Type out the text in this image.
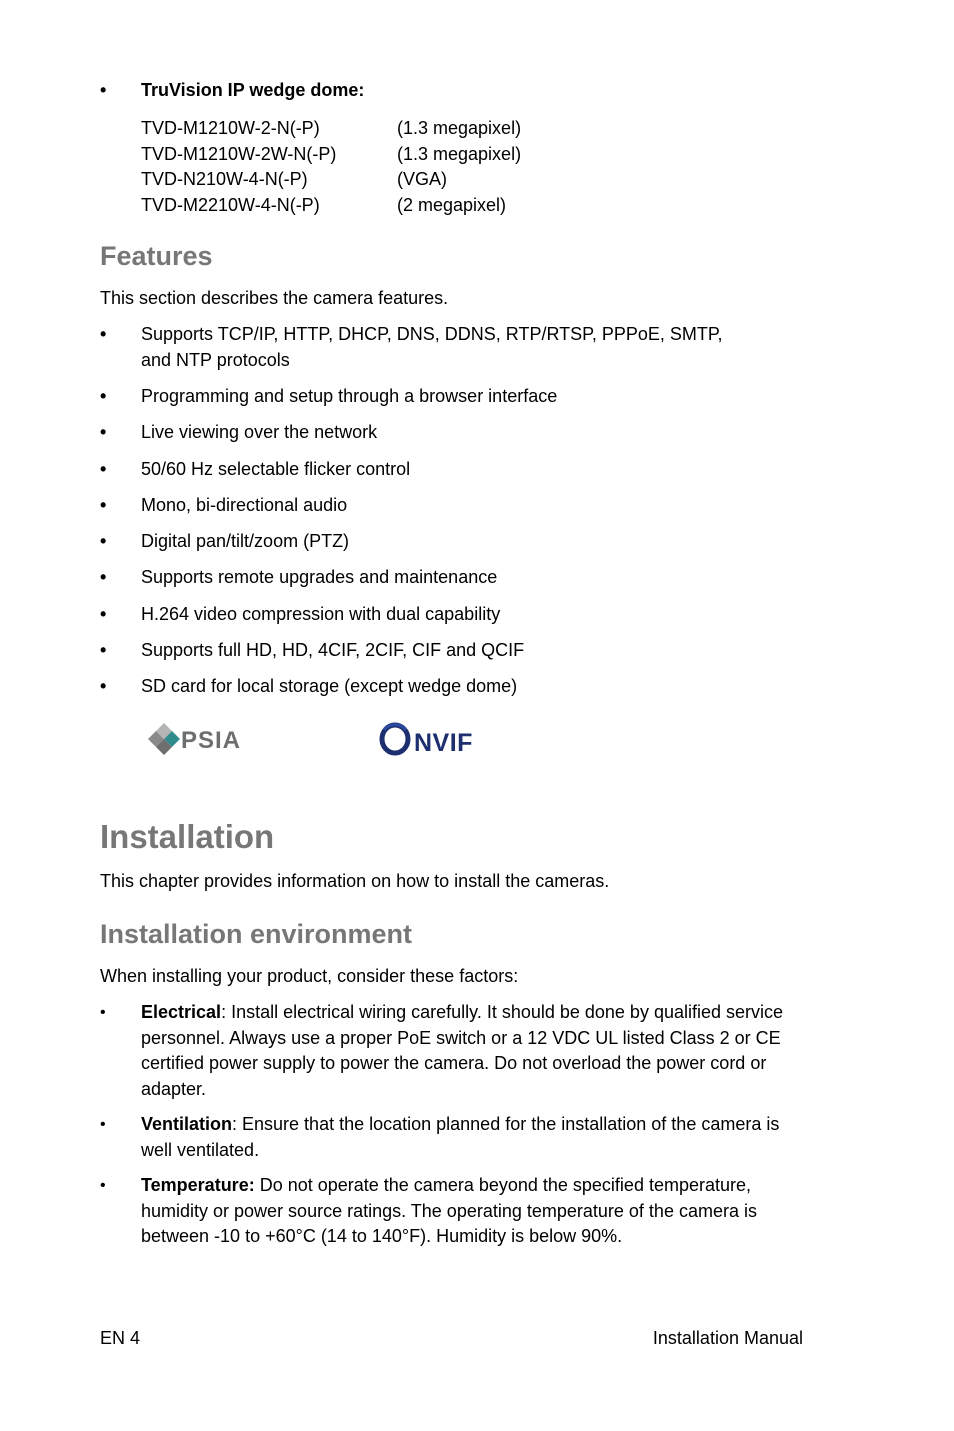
•	TruVision IP wedge dome:
TVD-M1210W-2-N(-P)	(1.3 megapixel)
TVD-M1210W-2W-N(-P)	(1.3 megapixel)
TVD-N210W-4-N(-P)	(VGA)
TVD-M2210W-4-N(-P)	(2 megapixel)
Features

This section describes the camera features.

•	Supports TCP/IP, HTTP, DHCP, DNS, DDNS, RTP/RTSP, PPPoE, SMTP,
and NTP protocols
•	Programming and setup through a browser interface
•	Live viewing over the network
•	50/60 Hz selectable flicker control
•	Mono, bi-directional audio
•	Digital pan/tilt/zoom (PTZ)
•	Supports remote upgrades and maintenance
•	H.264 video compression with dual capability
•	Supports full HD, HD, 4CIF, 2CIF, CIF and QCIF
•	SD card for local storage (except wedge dome)
PSIA	NVIF
Installation

This chapter provides information on how to install the cameras.

Installation environment

When installing your product, consider these factors:

•	Electrical: Install electrical wiring carefully. It should be done by qualified service personnel. Always use a proper PoE switch or a 12 VDC UL listed Class 2 or CE certified power supply to power the camera. Do not overload the power cord or adapter.
•	Ventilation: Ensure that the location planned for the installation of the camera is well ventilated.
•	Temperature: Do not operate the camera beyond the specified temperature, humidity or power source ratings. The operating temperature of the camera is between -10 to +60°C (14 to 140°F). Humidity is below 90%.
EN 4	Installation Manual
